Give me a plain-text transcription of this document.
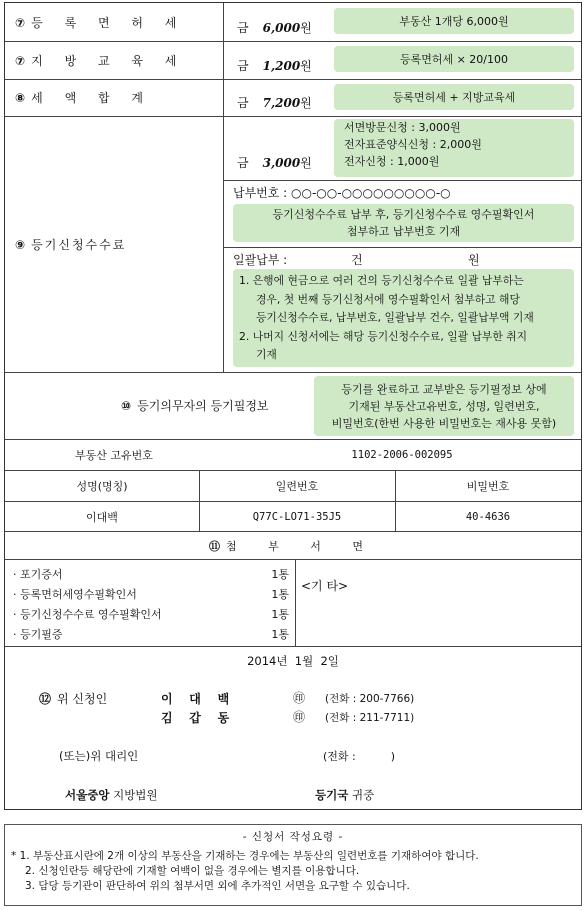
⑦ 등 록 면 허 세	금 6,000원	부동산 1개당 6,000원
⑦ 지 방 교 육 세	금 1,200원	등록면허세 × 20/100
⑧ 세 액 합 계	금 7,200원	등록면허세 + 지방교육세
⑨ 등기신청수수료
금 3,000원
서면방문신청 : 3,000원
전자표준양식신청 : 2,000원
전자신청 : 1,000원
납부번호 : ○○-○○-○○○○○○○○○-○
등기신청수수료 납부 후, 등기신청수수료 영수필확인서
첨부하고 납부번호 기재
일괄납부 :	건	원
1. 은행에 현금으로 여러 건의 등기신청수수료 일괄 납부하는
경우, 첫 번째 등기신청서에 영수필확인서 첨부하고 해당
등기신청수수료, 납부번호, 일괄납부 건수, 일괄납부액 기재
2. 나머지 신청서에는 해당 등기신청수수료, 일괄 납부한 취지
기재
⑩ 등기의무자의 등기필정보
등기를 완료하고 교부받은 등기필정보 상에
기재된 부동산고유번호, 성명, 일련번호,
비밀번호(한번 사용한 비밀번호는 재사용 못함)
부동산 고유번호	1102-2006-002095
성명(명칭)	일련번호	비밀번호
이대백	Q77C-LO71-35J5	40-4636
⑪ 첨 부 서 면
· 포기증서	1통
· 등록면허세영수필확인서	1통
· 등기신청수수료 영수필확인서	1통
· 등기필증	1통
<기 타>
2014년  1월  2일
⑫ 위 신청인	이    대    백	㊞ (전화 : 200-7766)
김    갑    동	㊞ (전화 : 211-7711)
(또는)위 대리인	(전화 :          )
서울중앙 지방법원	등기국 귀중
- 신청서 작성요령 -
* 1. 부동산표시란에 2개 이상의 부동산을 기재하는 경우에는 부동산의 일련번호를 기재하여야 합니다.
2. 신청인란등 해당란에 기재할 여백이 없을 경우에는 별지를 이용합니다.
3. 담당 등기관이 판단하여 위의 첨부서면 외에 추가적인 서면을 요구할 수 있습니다.
